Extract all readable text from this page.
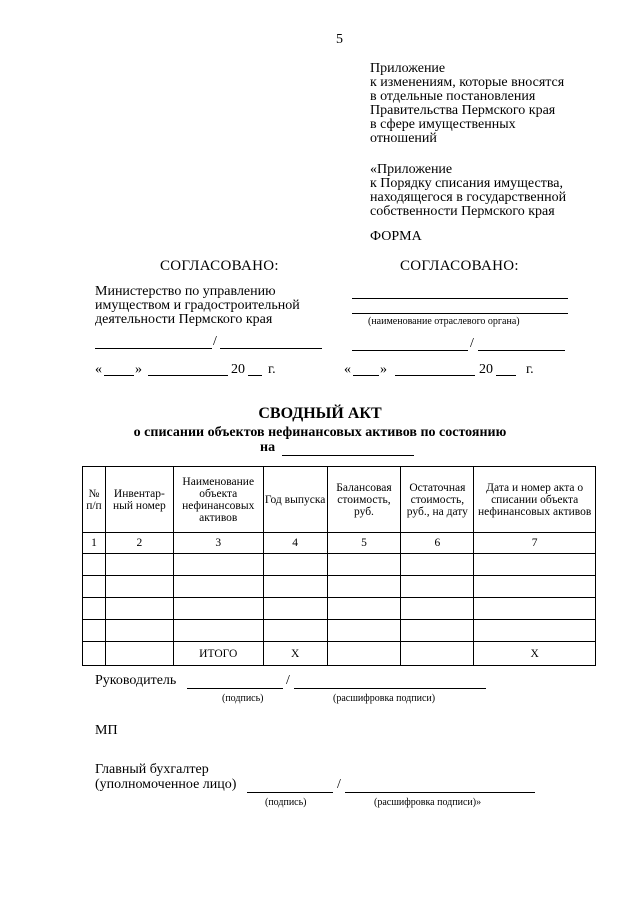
5
Приложение
к изменениям, которые вносятся
в отдельные постановления
Правительства Пермского края
в сфере имущественных
отношений
«Приложение
к Порядку списания имущества,
находящегося в государственной
собственности Пермского края
ФОРМА
СОГЛАСОВАНО:
Министерство по управлению
имуществом и градостроительной
деятельности Пермского края
/
« »	20 г.
СОГЛАСОВАНО:
(наименование отраслевого органа)
/
« »	20 г.
СВОДНЫЙ АКТ
о списании объектов нефинансовых активов по состоянию
на
№ п/п	Инвентар-ный номер	Наименование объекта нефинансовых активов	Год выпуска	Балансовая стоимость, руб.	Остаточная стоимость, руб., на дату	Дата и номер акта о списании объекта нефинансовых активов
1	2	3	4	5	6	7

		ИТОГО	Х			Х
Руководитель	/
(подпись)	(расшифровка подписи)
МП
Главный бухгалтер
(уполномоченное лицо)	/
(подпись)	(расшифровка подписи)»
